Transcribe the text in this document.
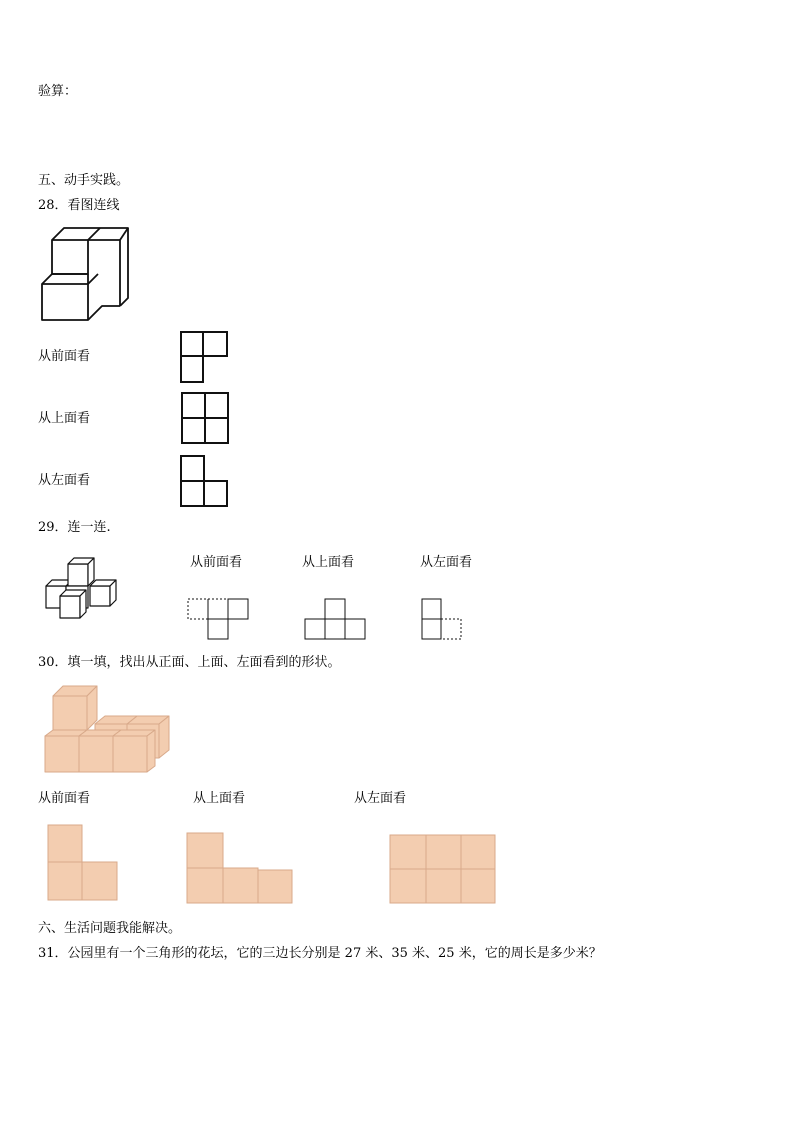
验算：
五、动手实践。
28．看图连线
从前面看
从上面看
从左面看
29．连一连.
从前面看	从上面看	从左面看
30．填一填，找出从正面、上面、左面看到的形状。
从前面看	从上面看	从左面看
六、生活问题我能解决。
31．公园里有一个三角形的花坛，它的三边长分别是 27 米、35 米、25 米，它的周长是多少米？
